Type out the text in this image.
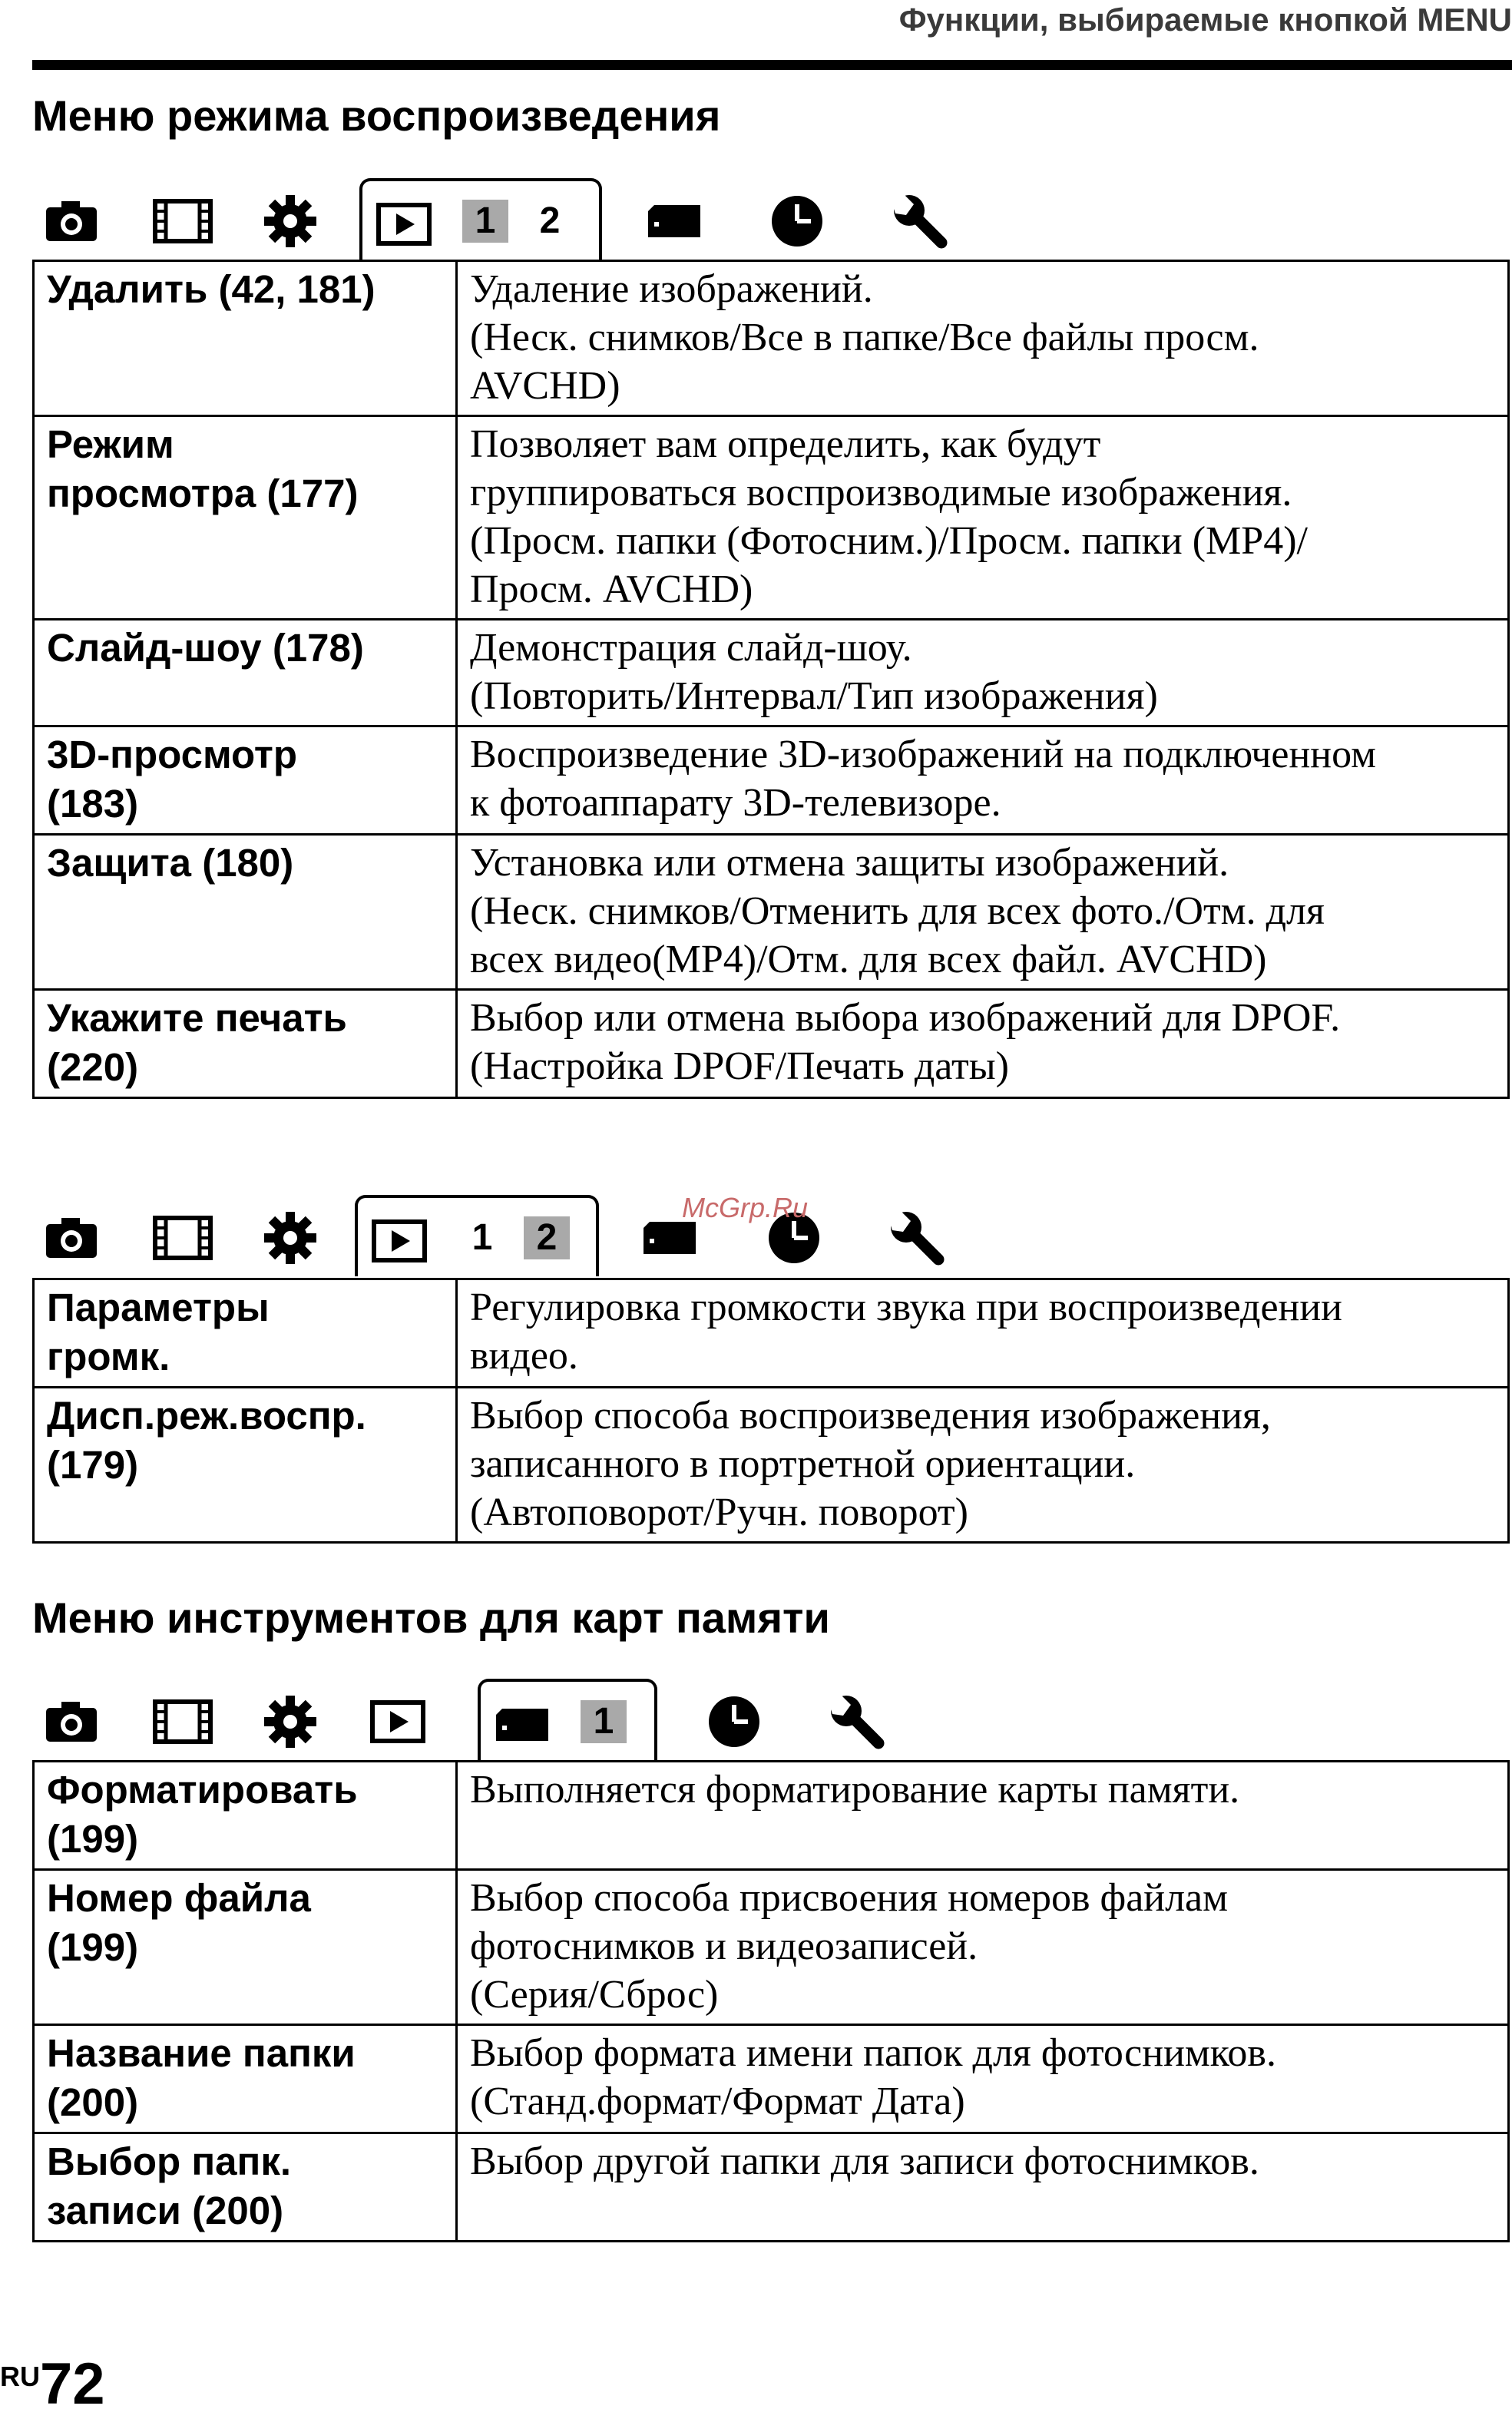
Функции, выбираемые кнопкой MENU
Меню режима воспроизведения
1	2
Удалить (42, 181)	Удаление изображений.
(Неск. снимков/Все в папке/Все файлы просм.
AVCHD)

Режим
просмотра (177)	Позволяет вам определить, как будут
группироваться воспроизводимые изображения.
(Просм. папки (Фотосним.)/Просм. папки (MP4)/
Просм. AVCHD)

Слайд-шоу (178)	Демонстрация слайд-шоу.
(Повторить/Интервал/Тип изображения)

3D-просмотр
(183)	Воспроизведение 3D-изображений на подключенном
к фотоаппарату 3D-телевизоре.

Защита (180)	Установка или отмена защиты изображений.
(Неск. снимков/Отменить для всех фото./Отм. для
всех видео(MP4)/Отм. для всех файл. AVCHD)

Укажите печать
(220)	Выбор или отмена выбора изображений для DPOF.
(Настройка DPOF/Печать даты)
1	2
McGrp.Ru
Параметры
громк.	Регулировка громкости звука при воспроизведении
видео.

Дисп.реж.воспр.
(179)	Выбор способа воспроизведения изображения,
записанного в портретной ориентации.
(Автоповорот/Ручн. поворот)
Меню инструментов для карт памяти
1
Форматировать
(199)	Выполняется форматирование карты памяти.

Номер файла
(199)	Выбор способа присвоения номеров файлам
фотоснимков и видеозаписей.
(Серия/Сброс)

Название папки
(200)	Выбор формата имени папок для фотоснимков.
(Станд.формат/Формат Дата)

Выбор папк.
записи (200)	Выбор другой папки для записи фотоснимков.
RU72
